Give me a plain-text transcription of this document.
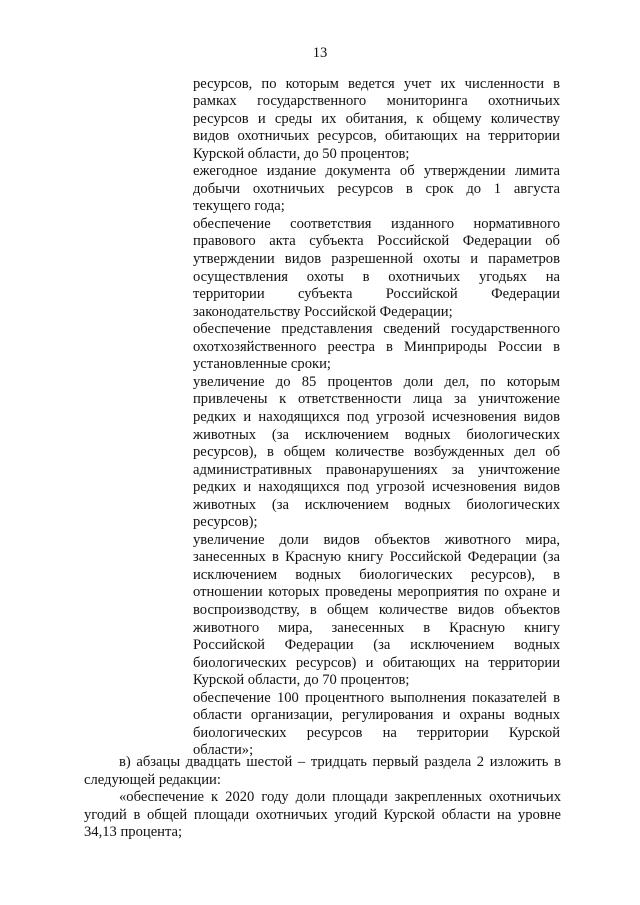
13
ресурсов, по которым ведется учет их численности в
рамках государственного мониторинга охотничьих
ресурсов и среды их обитания, к общему количеству
видов охотничьих ресурсов, обитающих на территории
Курской области, до 50 процентов;
ежегодное издание документа об утверждении лимита
добычи охотничьих ресурсов в срок до 1 августа
текущего года;
обеспечение соответствия изданного нормативного
правового акта субъекта Российской Федерации об
утверждении видов разрешенной охоты и параметров
осуществления охоты в охотничьих угодьях на
территории субъекта Российской Федерации
законодательству Российской Федерации;
обеспечение представления сведений государственного
охотхозяйственного реестра в Минприроды России в
установленные сроки;
увеличение до 85 процентов доли дел, по которым
привлечены к ответственности лица за уничтожение
редких и находящихся под угрозой исчезновения видов
животных (за исключением водных биологических
ресурсов), в общем количестве возбужденных дел об
административных правонарушениях за уничтожение
редких и находящихся под угрозой исчезновения видов
животных (за исключением водных биологических
ресурсов);
увеличение доли видов объектов животного мира,
занесенных в Красную книгу Российской Федерации (за
исключением водных биологических ресурсов), в
отношении которых проведены мероприятия по охране и
воспроизводству, в общем количестве видов объектов
животного мира, занесенных в Красную книгу
Российской Федерации (за исключением водных
биологических ресурсов) и обитающих на территории
Курской области, до 70 процентов;
обеспечение 100 процентного выполнения показателей в
области организации, регулирования и охраны водных
биологических ресурсов на территории Курской
области»;
в) абзацы двадцать шестой – тридцать первый раздела 2 изложить в
следующей редакции:
«обеспечение к 2020 году доли площади закрепленных охотничьих
угодий в общей площади охотничьих угодий Курской области на уровне
34,13 процента;
